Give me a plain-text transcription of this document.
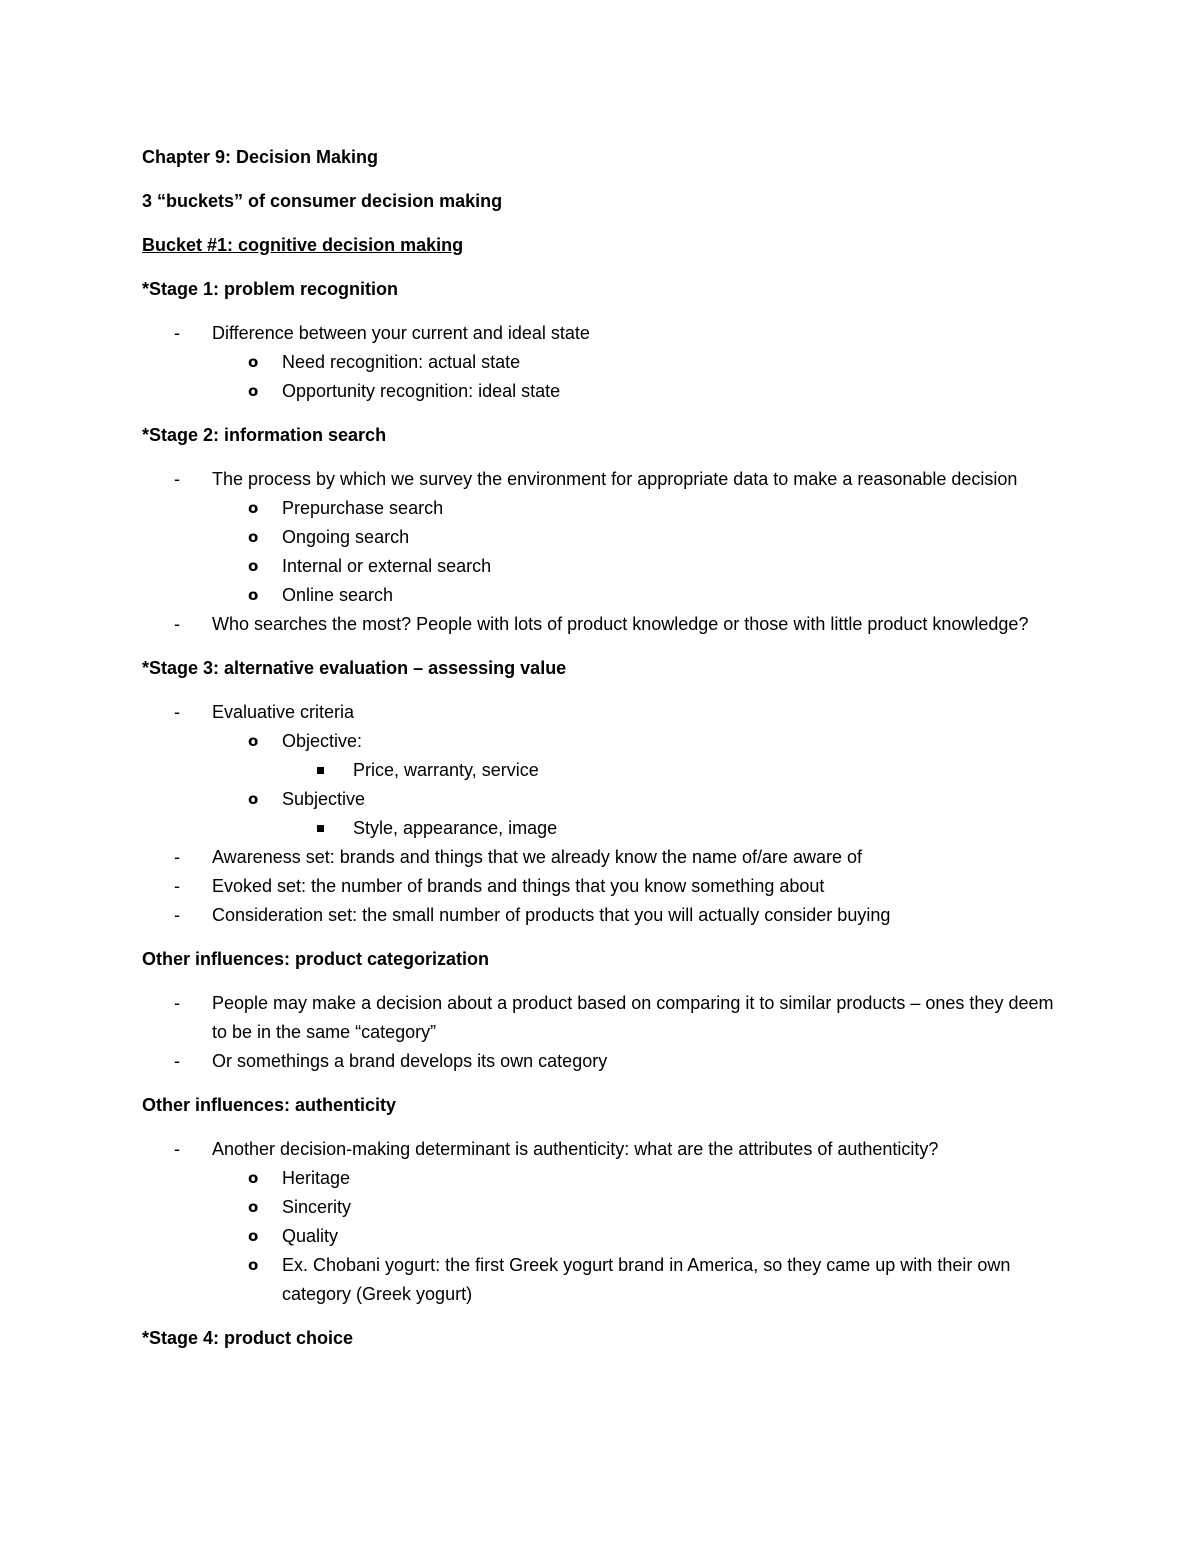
Chapter 9: Decision Making

3 “buckets” of consumer decision making

Bucket #1: cognitive decision making

*Stage 1: problem recognition

-	Difference between your current and ideal state
o Need recognition: actual state
o Opportunity recognition: ideal state

*Stage 2: information search

-	The process by which we survey the environment for appropriate data to make a reasonable decision
o Prepurchase search
o Ongoing search
o Internal or external search
o Online search
-	Who searches the most? People with lots of product knowledge or those with little product knowledge?

*Stage 3: alternative evaluation – assessing value

-	Evaluative criteria
o Objective:
Price, warranty, service
o Subjective
Style, appearance, image
-	Awareness set: brands and things that we already know the name of/are aware of
-	Evoked set: the number of brands and things that you know something about
-	Consideration set: the small number of products that you will actually consider buying

Other influences: product categorization

-	People may make a decision about a product based on comparing it to similar products – ones they deem to be in the same “category”
-	Or somethings a brand develops its own category

Other influences: authenticity

-	Another decision-making determinant is authenticity: what are the attributes of authenticity?
o Heritage
o Sincerity
o Quality
o Ex. Chobani yogurt: the first Greek yogurt brand in America, so they came up with their own category (Greek yogurt)

*Stage 4: product choice
